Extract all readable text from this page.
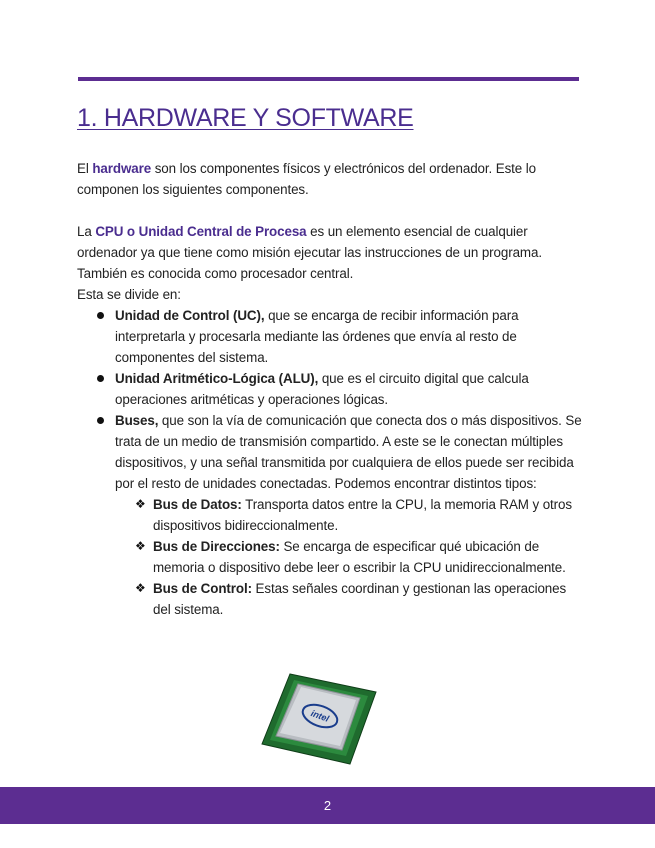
1. HARDWARE Y SOFTWARE

El hardware son los componentes físicos y electrónicos del ordenador. Este lo componen los siguientes componentes.

La CPU o Unidad Central de Procesa es un elemento esencial de cualquier ordenador ya que tiene como misión ejecutar las instrucciones de un programa. También es conocida como procesador central.

Esta se divide en:

Unidad de Control (UC), que se encarga de recibir información para interpretarla y procesarla mediante las órdenes que envía al resto de componentes del sistema.
Unidad Aritmético-Lógica (ALU), que es el circuito digital que calcula operaciones aritméticas y operaciones lógicas.
Buses, que son la vía de comunicación que conecta dos o más dispositivos. Se trata de un medio de transmisión compartido. A este se le conectan múltiples dispositivos, y una señal transmitida por cualquiera de ellos puede ser recibida por el resto de unidades conectadas. Podemos encontrar distintos tipos:
❖ Bus de Datos: Transporta datos entre la CPU, la memoria RAM y otros dispositivos bidireccionalmente.
❖ Bus de Direcciones: Se encarga de especificar qué ubicación de memoria o dispositivo debe leer o escribir la CPU unidireccionalmente.
❖ Bus de Control: Estas señales coordinan y gestionan las operaciones del sistema.
intel
2
